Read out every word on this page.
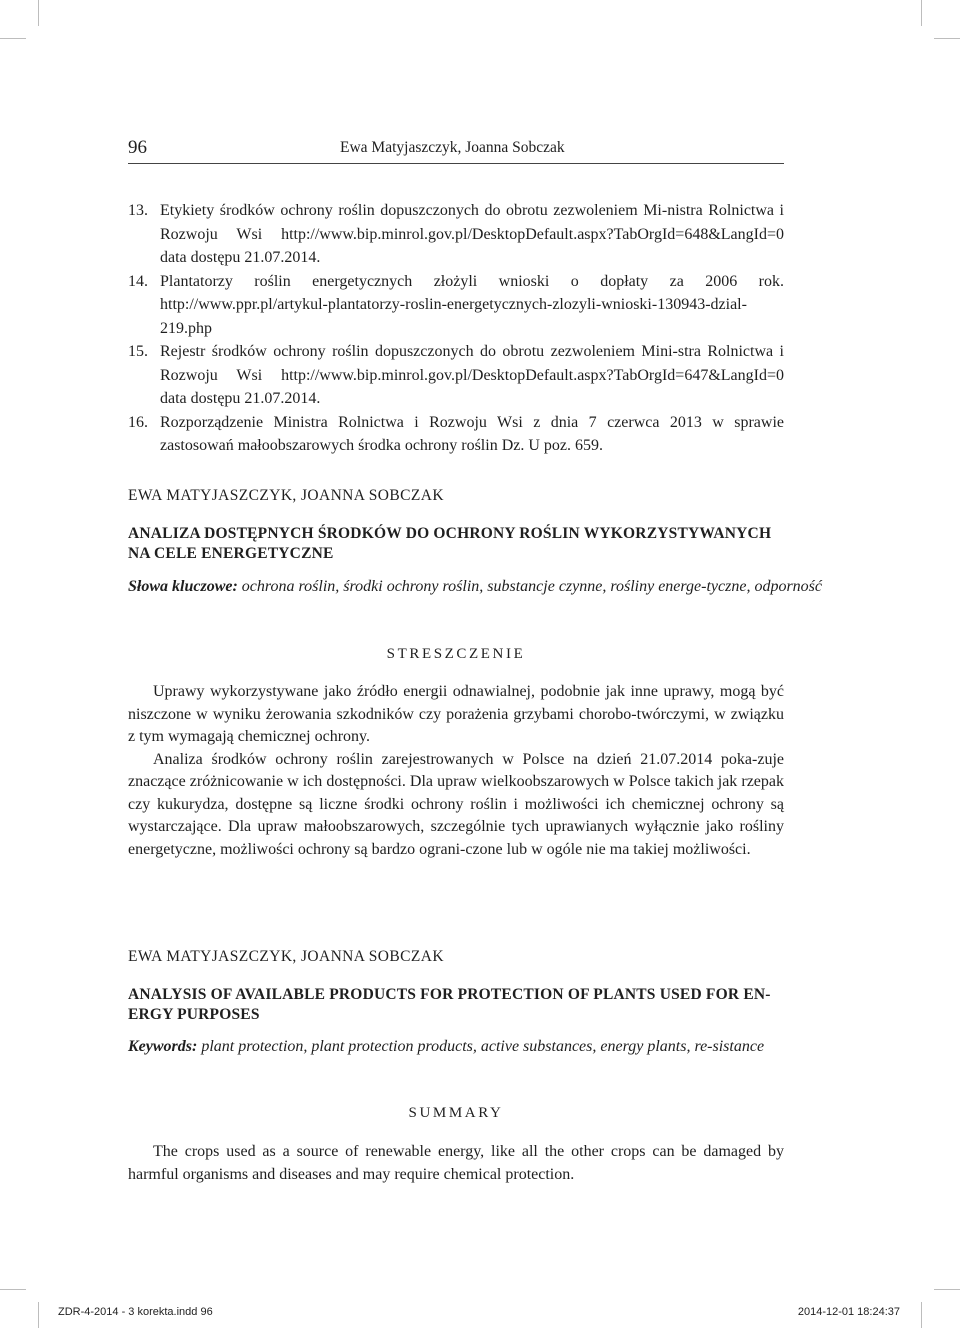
96	Ewa Matyjaszczyk, Joanna Sobczak
13. Etykiety środków ochrony roślin dopuszczonych do obrotu zezwoleniem Mi-nistra Rolnictwa i Rozwoju Wsi http://www.bip.minrol.gov.pl/DesktopDefault.aspx?TabOrgId=648&LangId=0 data dostępu 21.07.2014.
14. Plantatorzy roślin energetycznych złożyli wnioski o dopłaty za 2006 rok. http://www.ppr.pl/artykul-plantatorzy-roslin-energetycznych-zlozyli-wnioski-130943-dzial-219.php
15. Rejestr środków ochrony roślin dopuszczonych do obrotu zezwoleniem Mini-stra Rolnictwa i Rozwoju Wsi http://www.bip.minrol.gov.pl/DesktopDefault.aspx?TabOrgId=647&LangId=0 data dostępu 21.07.2014.
16. Rozporządzenie Ministra Rolnictwa i Rozwoju Wsi z dnia 7 czerwca 2013 w sprawie zastosowań małoobszarowych środka ochrony roślin Dz. U poz. 659.
EWA MATYJASZCZYK, JOANNA SOBCZAK
ANALIZA DOSTĘPNYCH ŚRODKÓW DO OCHRONY ROŚLIN WYKORZYSTYWANYCH NA CELE ENERGETYCZNE
Słowa kluczowe: ochrona roślin, środki ochrony roślin, substancje czynne, rośliny energe-tyczne, odporność
STRESZCZENIE

Uprawy wykorzystywane jako źródło energii odnawialnej, podobnie jak inne uprawy, mogą być niszczone w wyniku żerowania szkodników czy porażenia grzybami chorobo-twórczymi, w związku z tym wymagają chemicznej ochrony.

Analiza środków ochrony roślin zarejestrowanych w Polsce na dzień 21.07.2014 poka-zuje znaczące zróżnicowanie w ich dostępności. Dla upraw wielkoobszarowych w Polsce takich jak rzepak czy kukurydza, dostępne są liczne środki ochrony roślin i możliwości ich chemicznej ochrony są wystarczające. Dla upraw małoobszarowych, szczególnie tych uprawianych wyłącznie jako rośliny energetyczne, możliwości ochrony są bardzo ograni-czone lub w ogóle nie ma takiej możliwości.

EWA MATYJASZCZYK, JOANNA SOBCZAK
ANALYSIS OF AVAILABLE PRODUCTS FOR PROTECTION OF PLANTS USED FOR EN-ERGY PURPOSES
Keywords: plant protection, plant protection products, active substances, energy plants, re-sistance
SUMMARY

The crops used as a source of renewable energy, like all the other crops can be damaged by harmful organisms and diseases and may require chemical protection.

ZDR-4-2014 - 3 korekta.indd 96	2014-12-01 18:24:37
